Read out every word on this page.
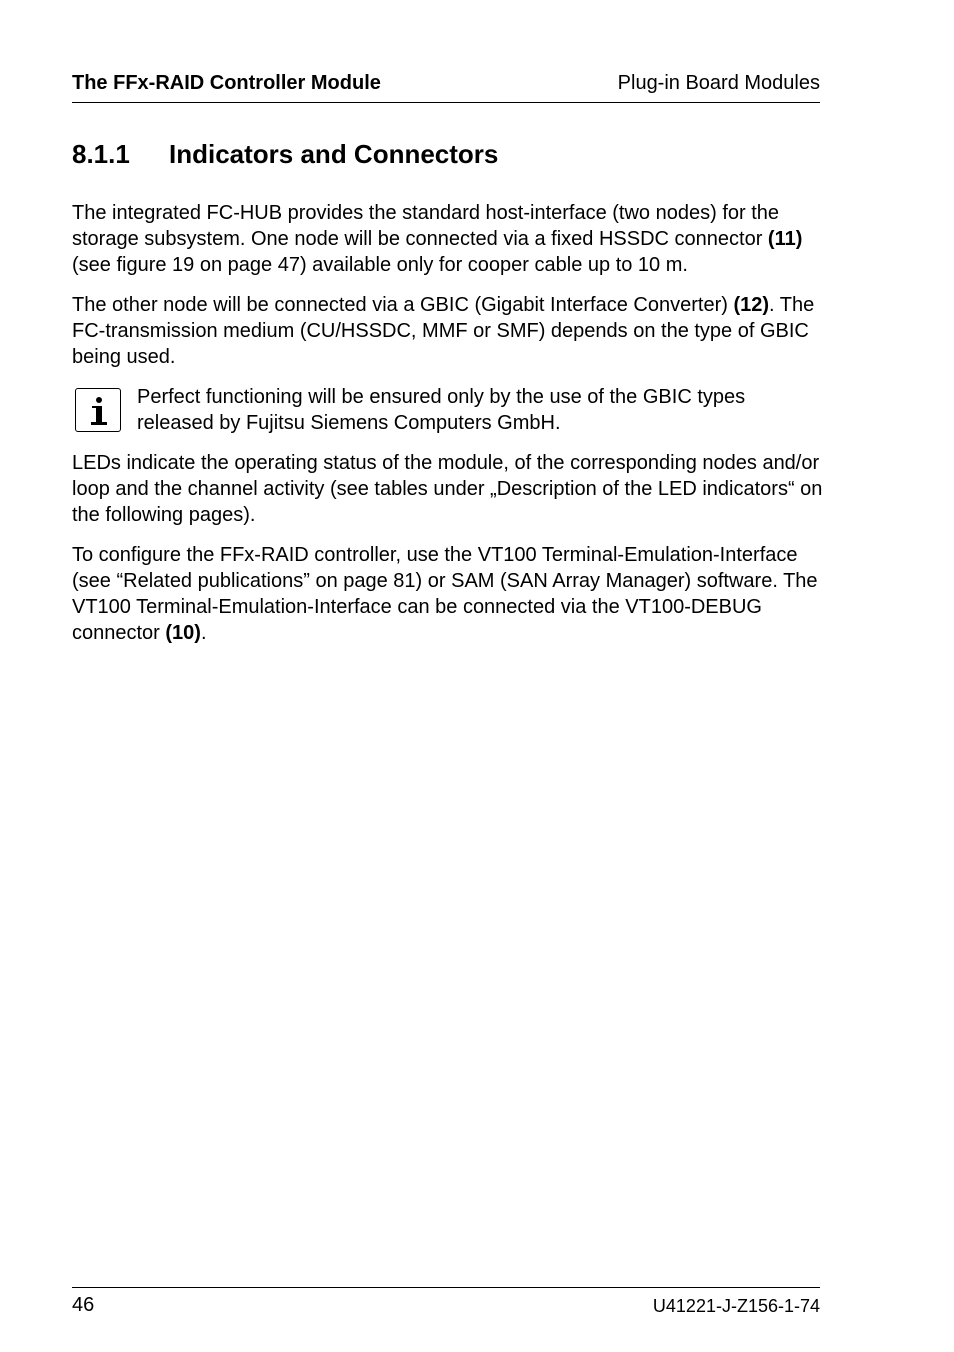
The FFx-RAID Controller Module	Plug-in Board Modules
8.1.1 Indicators and Connectors

The integrated FC-HUB provides the standard host-interface (two nodes) for the storage subsystem. One node will be connected via a fixed HSSDC connector (11) (see figure 19 on page 47) available only for cooper cable up to 10 m.

The other node will be connected via a GBIC (Gigabit Interface Converter) (12). The FC-transmission medium (CU/HSSDC, MMF or SMF) depends on the type of GBIC being used.

Perfect functioning will be ensured only by the use of the GBIC types released by Fujitsu Siemens Computers GmbH.

LEDs indicate the operating status of the module, of the corresponding nodes and/or loop and the channel activity (see tables under „Description of the LED indicators“ on the following pages).

To configure the FFx-RAID controller, use the VT100 Terminal-Emulation-Interface (see “Related publications” on page 81) or SAM (SAN Array Manager) software. The VT100 Terminal-Emulation-Interface can be connected via the VT100-DEBUG connector (10).

46	U41221-J-Z156-1-74
